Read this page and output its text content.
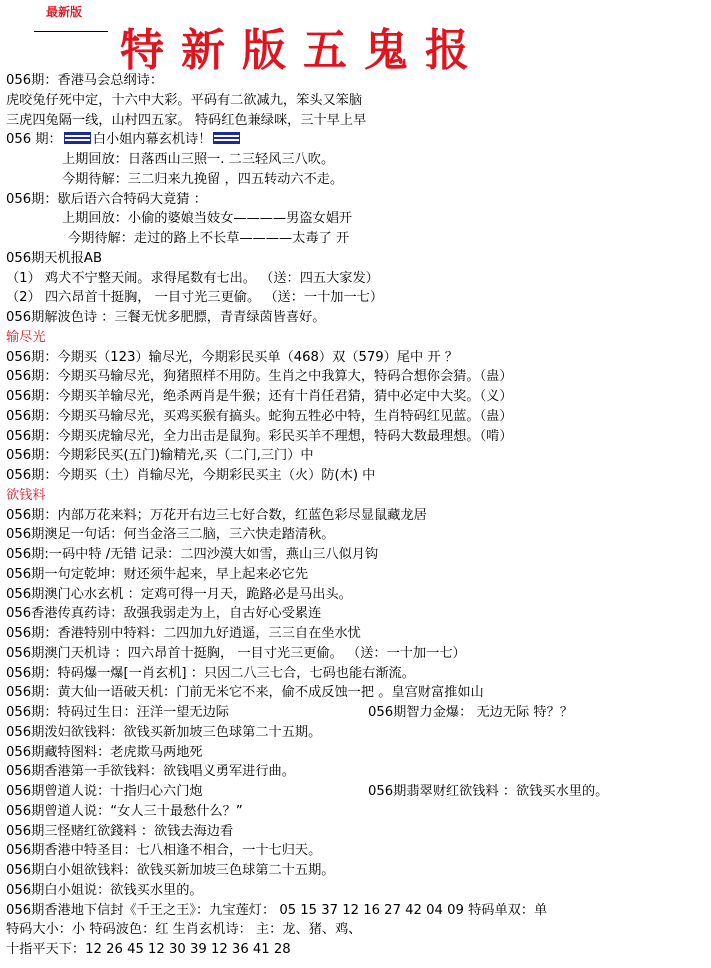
最新版
特新版五鬼报
056期：香港马会总纲诗：
虎咬兔仔死中定，十六中大彩。平码有二欲减九，笨头又笨脑
三虎四兔隔一线，山村四五家。 特码红色兼绿咪，三十早上早
056 期： 白小姐内幕玄机诗！
上期回放：日落西山三照一. 二三轻风三八吹。
今期待解：三二归来九挽留 ，四五转动六不走。
056期：歇后语六合特码大竟猜 ：
上期回放：小偷的婆娘当妓女————男盗女娼开
今期待解：走过的路上不长草————太毒了 开
056期天机报AB
（1） 鸡犬不宁整天闹。求得尾数有七出。 （送：四五大家发）
（2） 四六昂首十挺胸， 一目寸光三更偷。 （送：一十加一七）
056期解波色诗 ：三餐无忧多肥膘，青青绿茵皆喜好。
输尽光
056期：今期买（123）输尽光，今期彩民买单（468）双（579）尾中 开 ？
056期：今期买马输尽光，狗猪照样不用防。生肖之中我算大，特码合想你会猜。（蛊）
056期：今期买羊输尽光，绝杀两肖是牛猴；还有十肖任君猜，猜中必定中大奖。（义）
056期：今期买马输尽光，买鸡买猴有搞头。蛇狗五牲必中特，生肖特码红见蓝。（蛊）
056期：今期买虎输尽光，全力出击是鼠狗。彩民买羊不理想，特码大数最理想。（啃）
056期：今期彩民买(五门)输精光,买（二门,三门）中
056期：今期买（土）肖输尽光，今期彩民买主（火）防(木) 中
欲钱料
056期：内部万花来料；万花开右边三七好合数，红蓝色彩尽显鼠藏龙居
056期澳足一句话：何当金洛三二脑，三六快走踏清秋。
056期:一码中特 /无错 记录：二四沙漠大如雪，燕山三八似月钩
056期一句定乾坤：财还须牛起来，早上起来必它先
056期澳门心水玄机 ：定鸡可得一月天，跪路必是马出头。
056香港传真药诗：敌强我弱走为上，自古好心受累连
056期：香港特别中特料：二四加九好逍遥，三三自在坐水忧
056期澳门天机诗 ：四六昂首十挺胸， 一目寸光三更偷。 （送：一十加一七）
056期：特码爆一爆[一肖玄机] ：只因二八三七合，七码也能右渐流。
056期：黄大仙一语破天机：门前无米它不来，偷不成反蚀一把 。皇宫财富推如山
056期：特码过生日：汪洋一望无边际	056期智力金爆： 无边无际 特？？
056期泼妇欲钱料：欲钱买新加坡三色球第二十五期。
056期藏特图料：老虎欺马两地死
056期香港第一手欲钱料：欲钱唱义勇军进行曲。
056期曾道人说：十指归心六门炮	056期翡翠财红欲钱料 ：欲钱买水里的。
056期曾道人说：“女人三十最愁什么？”
056期三怪赌红欲錢料 ：欲钱去海边看
056期香港中特圣目：七八相逢不相合，一十七归天。
056期白小姐欲钱料：欲钱买新加坡三色球第二十五期。
056期白小姐说：欲钱买水里的。
056期香港地下信封《千王之王》：九宝莲灯： 05 15 37 12 16 27 42 04 09 特码单双：单
特码大小：小 特码波色：红 生肖玄机诗： 主：龙、猪、鸡、
十指平天下：12 26 45 12 30 39 12 36 41 28
